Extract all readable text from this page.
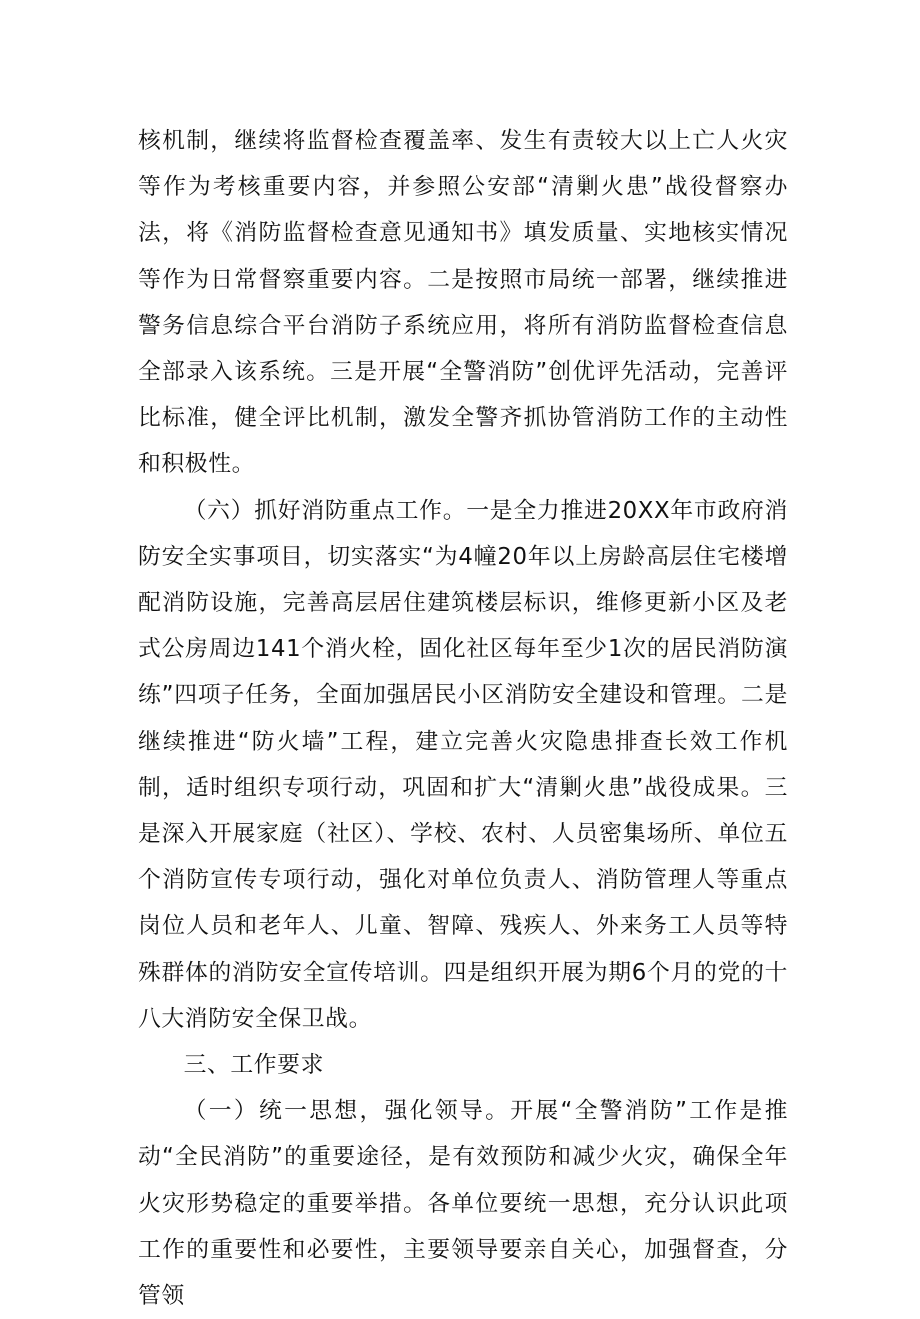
核机制，继续将监督检查覆盖率、发生有责较大以上亡人火灾等作为考核重要内容，并参照公安部“清剿火患”战役督察办法，将《消防监督检查意见通知书》填发质量、实地核实情况等作为日常督察重要内容。二是按照市局统一部署，继续推进警务信息综合平台消防子系统应用，将所有消防监督检查信息全部录入该系统。三是开展“全警消防”创优评先活动，完善评比标准，健全评比机制，激发全警齐抓协管消防工作的主动性和积极性。

（六）抓好消防重点工作。一是全力推进20XX年市政府消防安全实事项目，切实落实“为4幢20年以上房龄高层住宅楼增配消防设施，完善高层居住建筑楼层标识，维修更新小区及老式公房周边141个消火栓，固化社区每年至少1次的居民消防演练”四项子任务，全面加强居民小区消防安全建设和管理。二是继续推进“防火墙”工程，建立完善火灾隐患排查长效工作机制，适时组织专项行动，巩固和扩大“清剿火患”战役成果。三是深入开展家庭（社区）、学校、农村、人员密集场所、单位五个消防宣传专项行动，强化对单位负责人、消防管理人等重点岗位人员和老年人、儿童、智障、残疾人、外来务工人员等特殊群体的消防安全宣传培训。四是组织开展为期6个月的党的十八大消防安全保卫战。

三、工作要求

（一）统一思想，强化领导。开展“全警消防”工作是推动“全民消防”的重要途径，是有效预防和减少火灾，确保全年火灾形势稳定的重要举措。各单位要统一思想，充分认识此项工作的重要性和必要性，主要领导要亲自关心，加强督查，分管领
